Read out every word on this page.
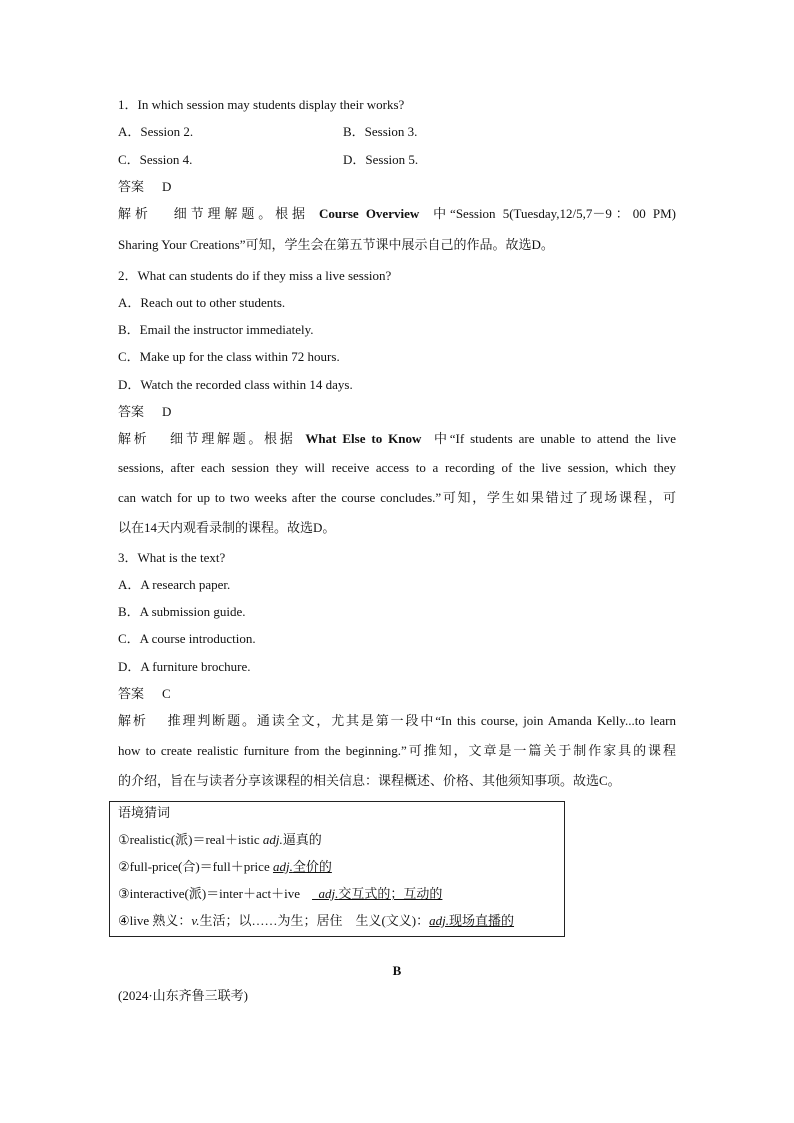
1．In which session may students display their works?
A．Session 2.	B．Session 3.
C．Session 4.	D．Session 5.
答案 D
解析 细节理解题。根据 Course Overview 中“Session 5(Tuesday,12/5,7－9：00 PM)
Sharing Your Creations”可知，学生会在第五节课中展示自己的作品。故选D。
2．What can students do if they miss a live session?
A．Reach out to other students.
B．Email the instructor immediately.
C．Make up for the class within 72 hours.
D．Watch the recorded class within 14 days.
答案 D
解析 细节理解题。根据 What Else to Know 中“If students are unable to attend the live
sessions, after each session they will receive access to a recording of the live session, which they
can watch for up to two weeks after the course concludes.”可知，学生如果错过了现场课程，可
以在14天内观看录制的课程。故选D。
3．What is the text?
A．A research paper.
B．A submission guide.
C．A course introduction.
D．A furniture brochure.
答案 C
解析 推理判断题。通读全文，尤其是第一段中“In this course, join Amanda Kelly...to learn
how to create realistic furniture from the beginning.”可推知，文章是一篇关于制作家具的课程
的介绍，旨在与读者分享该课程的相关信息：课程概述、价格、其他须知事项。故选C。
语境猜词
①realistic(派)＝real＋istic adj.逼真的
②full-price(合)＝full＋price adj.全价的
③interactive(派)＝inter＋act＋ive adj.交互式的；互动的
④live 熟义：v.生活；以……为生；居住　生义(文义)：adj.现场直播的
B
(2024·山东齐鲁三联考)
